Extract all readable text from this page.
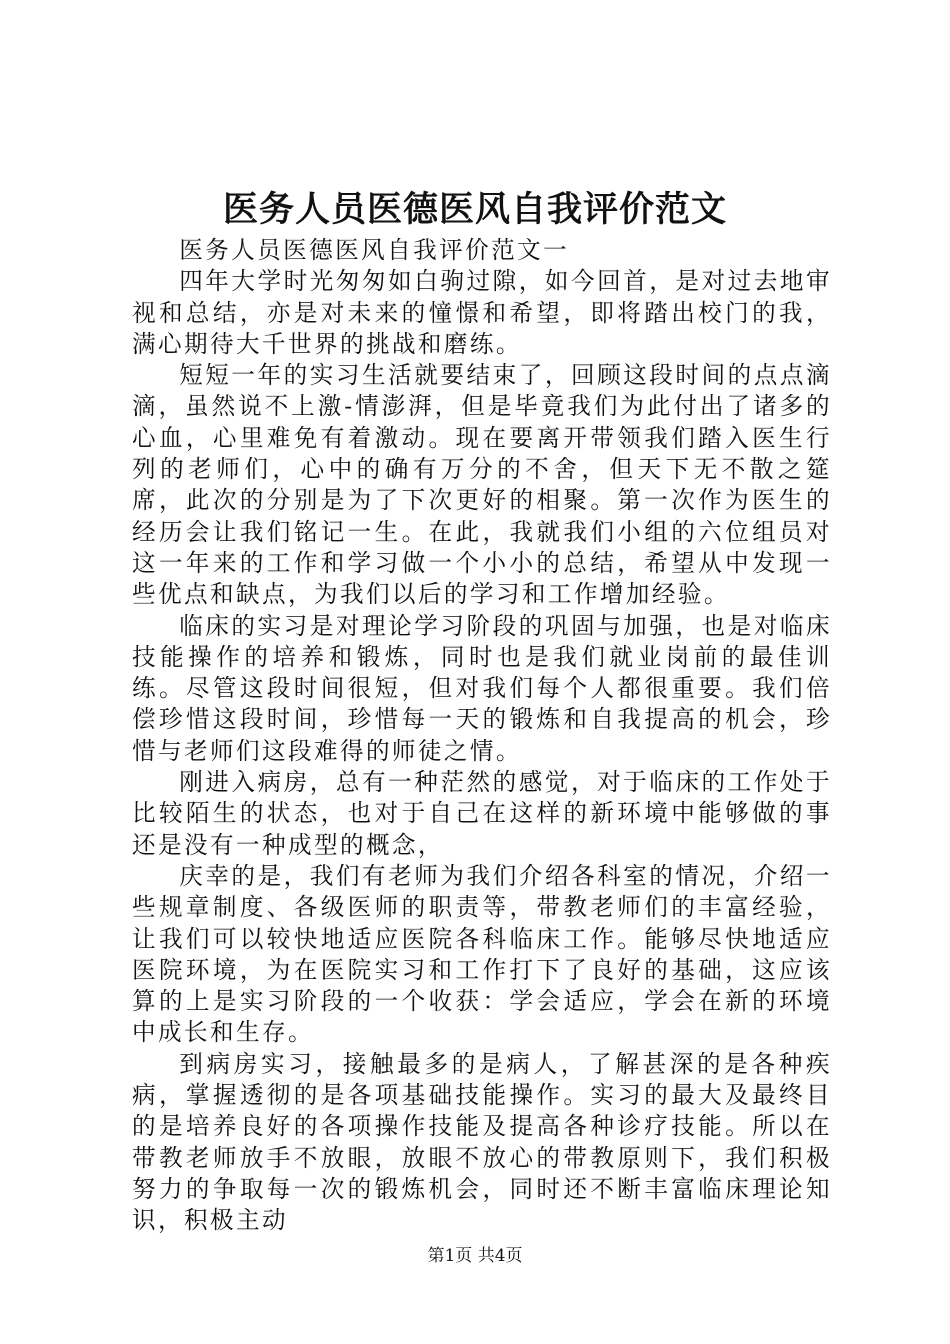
医务人员医德医风自我评价范文

医务人员医德医风自我评价范文一

四年大学时光匆匆如白驹过隙，如今回首，是对过去地审视和总结，亦是对未来的憧憬和希望，即将踏出校门的我，满心期待大千世界的挑战和磨练。

短短一年的实习生活就要结束了，回顾这段时间的点点滴滴，虽然说不上激-情澎湃，但是毕竟我们为此付出了诸多的心血，心里难免有着激动。现在要离开带领我们踏入医生行列的老师们，心中的确有万分的不舍，但天下无不散之筵席，此次的分别是为了下次更好的相聚。第一次作为医生的经历会让我们铭记一生。在此，我就我们小组的六位组员对这一年来的工作和学习做一个小小的总结，希望从中发现一些优点和缺点，为我们以后的学习和工作增加经验。

临床的实习是对理论学习阶段的巩固与加强，也是对临床技能操作的培养和锻炼，同时也是我们就业岗前的最佳训练。尽管这段时间很短，但对我们每个人都很重要。我们倍偿珍惜这段时间，珍惜每一天的锻炼和自我提高的机会，珍惜与老师们这段难得的师徒之情。

刚进入病房，总有一种茫然的感觉，对于临床的工作处于比较陌生的状态，也对于自己在这样的新环境中能够做的事还是没有一种成型的概念，

庆幸的是，我们有老师为我们介绍各科室的情况，介绍一些规章制度、各级医师的职责等，带教老师们的丰富经验，让我们可以较快地适应医院各科临床工作。能够尽快地适应医院环境，为在医院实习和工作打下了良好的基础，这应该算的上是实习阶段的一个收获：学会适应，学会在新的环境中成长和生存。

到病房实习，接触最多的是病人，了解甚深的是各种疾病，掌握透彻的是各项基础技能操作。实习的最大及最终目的是培养良好的各项操作技能及提高各种诊疗技能。所以在带教老师放手不放眼，放眼不放心的带教原则下，我们积极努力的争取每一次的锻炼机会，同时还不断丰富临床理论知识，积极主动

第1页 共4页
